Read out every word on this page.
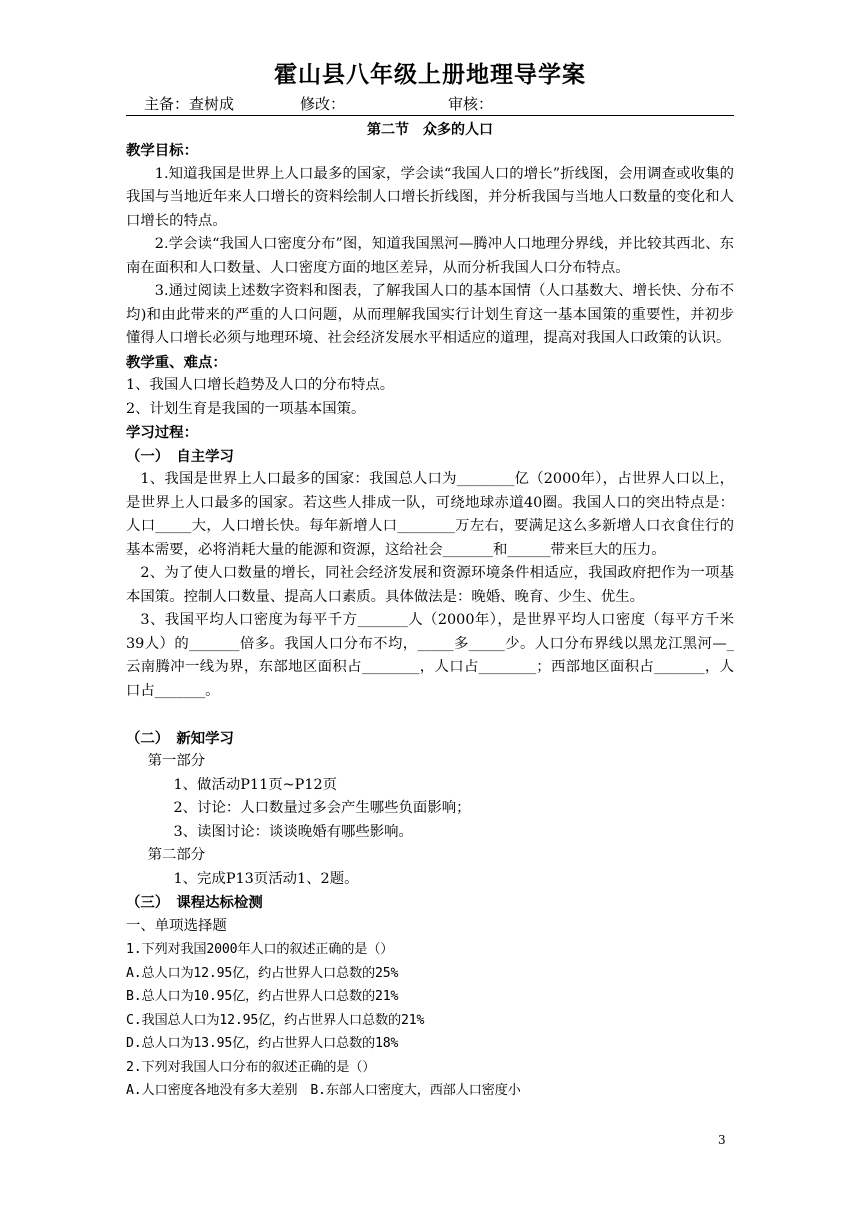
霍山县八年级上册地理导学案
主备：查树成	修改：	审核：
第二节　众多的人口

教学目标：

1.知道我国是世界上人口最多的国家，学会读“我国人口的增长”折线图，会用调查或收集的我国与当地近年来人口增长的资料绘制人口增长折线图，并分析我国与当地人口数量的变化和人口增长的特点。

2.学会读“我国人口密度分布”图，知道我国黑河—腾冲人口地理分界线，并比较其西北、东南在面积和人口数量、人口密度方面的地区差异，从而分析我国人口分布特点。

3.通过阅读上述数字资料和图表，了解我国人口的基本国情（人口基数大、增长快、分布不均)和由此带来的严重的人口问题，从而理解我国实行计划生育这一基本国策的重要性，并初步懂得人口增长必须与地理环境、社会经济发展水平相适应的道理，提高对我国人口政策的认识。

教学重、难点：

1、我国人口增长趋势及人口的分布特点。

2、计划生育是我国的一项基本国策。

学习过程：

（一）　自主学习

1、我国是世界上人口最多的国家：我国总人口为________亿（2000年），占世界人口以上，是世界上人口最多的国家。若这些人排成一队，可绕地球赤道40圈。我国人口的突出特点是：人口_____大，人口增长快。每年新增人口________万左右，要满足这么多新增人口衣食住行的基本需要，必将消耗大量的能源和资源，这给社会_______和______带来巨大的压力。

2、为了使人口数量的增长，同社会经济发展和资源环境条件相适应，我国政府把作为一项基本国策。控制人口数量、提高人口素质。具体做法是：晚婚、晚育、少生、优生。

3、我国平均人口密度为每平千方_______人（2000年），是世界平均人口密度（每平方千米39人）的_______倍多。我国人口分布不均，_____多_____少。人口分布界线以黑龙江黑河—_云南腾冲一线为界，东部地区面积占________，人口占________；西部地区面积占_______，人口占_______。

（二）　新知学习

第一部分

1、做活动P11页~P12页

2、讨论：人口数量过多会产生哪些负面影响；

3、读图讨论：谈谈晚婚有哪些影响。

第二部分

1、完成P13页活动1、2题。

（三）　课程达标检测

一、单项选择题

1.下列对我国2000年人口的叙述正确的是（）

A.总人口为12.95亿，约占世界人口总数的25%

B.总人口为10.95亿，约占世界人口总数的21%

C.我国总人口为12.95亿，约占世界人口总数的21%

D.总人口为13.95亿，约占世界人口总数的18%

2.下列对我国人口分布的叙述正确的是（）

A.人口密度各地没有多大差别　B.东部人口密度大，西部人口密度小

3
